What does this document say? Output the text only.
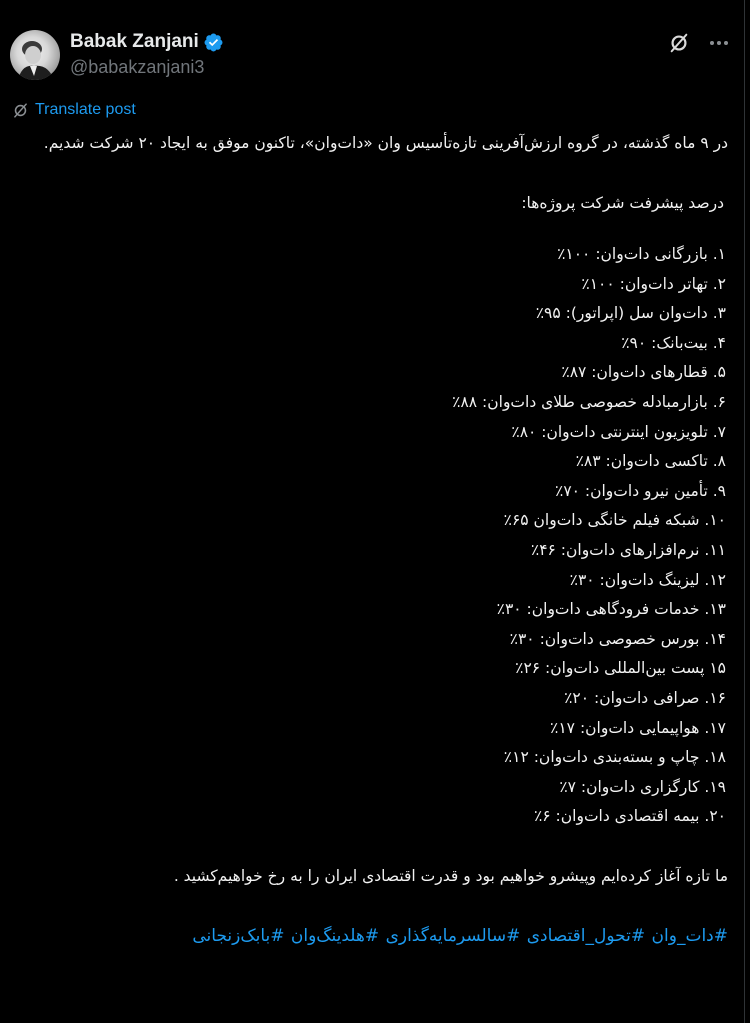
Babak Zanjani
@babakzanjani3
Translate post

در ۹ ماه گذشته، در گروه ارزش‌آفرینی تازه‌تأسیس وان «دات‌وان»، تاکنون موفق به ایجاد ۲۰ شرکت شدیم.

درصد پیشرفت شرکت پروژه‌ها:

۱. بازرگانی دات‌وان: ۱۰۰٪
۲. تهاتر دات‌وان: ۱۰۰٪
۳. دات‌وان سل (اپراتور): ۹۵٪
۴. بیت‌بانک: ۹۰٪
۵. قطارهای دات‌وان: ۸۷٪
۶. بازارمبادله خصوصی طلای دات‌وان: ۸۸٪
۷. تلویزیون اینترنتی دات‌وان: ۸۰٪
۸. تاکسی دات‌وان: ۸۳٪
۹. تأمین نیرو دات‌وان: ۷۰٪
۱۰. شبکه فیلم خانگی دات‌وان ۶۵٪
۱۱. نرم‌افزارهای دات‌وان: ۴۶٪
۱۲. لیزینگ دات‌وان: ۳۰٪
۱۳. خدمات فرودگاهی دات‌وان: ۳۰٪
۱۴. بورس خصوصی دات‌وان: ۳۰٪
۱۵ پست بین‌المللی دات‌وان: ۲۶٪
۱۶. صرافی دات‌وان: ۲۰٪
۱۷. هواپیمایی دات‌وان: ۱۷٪
۱۸. چاپ و بسته‌بندی دات‌وان: ۱۲٪
۱۹. کارگزاری دات‌وان: ۷٪
۲۰. بیمه اقتصادی دات‌وان: ۶٪

ما تازه آغاز کرده‌ایم وپیشرو خواهیم بود و قدرت اقتصادی ایران را به رخ خواهیم‌کشید .

#دات_وان #تحول_اقتصادی #سالسرمایه‌گذاری #هلدینگ‌وان #بابک‌زنجانی
